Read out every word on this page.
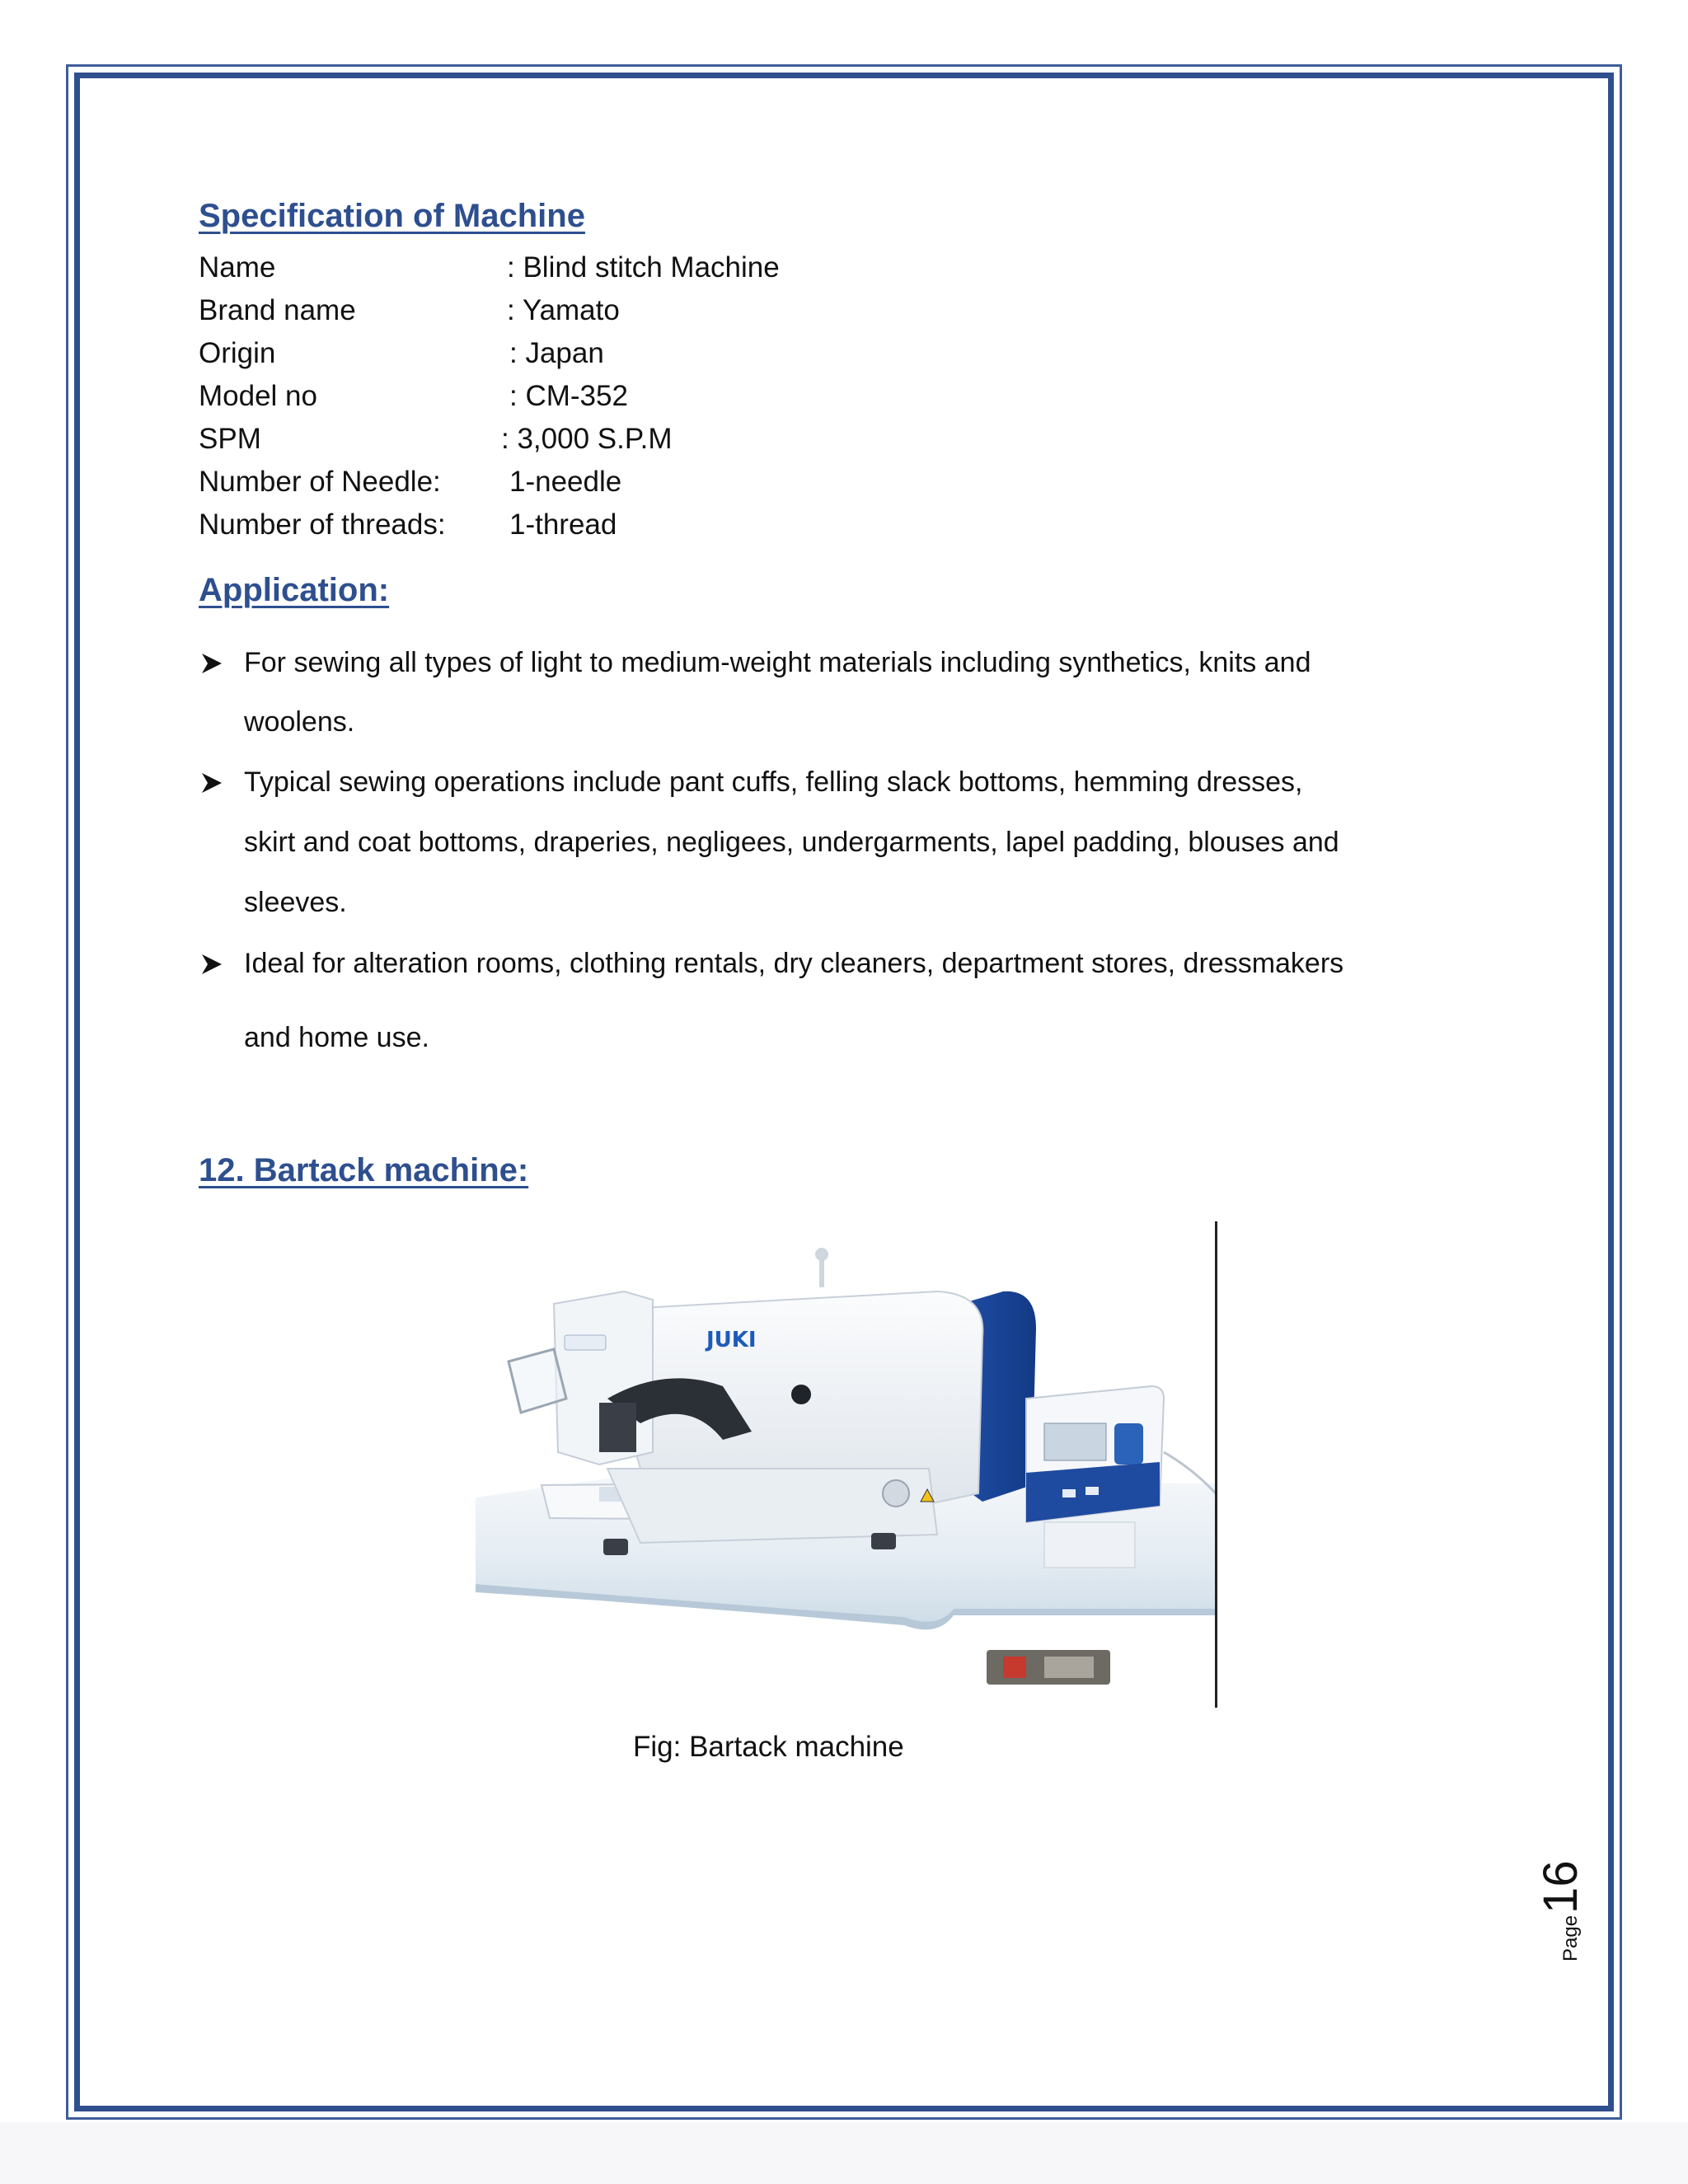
Specification of Machine
Name	: Blind stitch Machine
Brand name	: Yamato
Origin	: Japan
Model no	: CM-352
SPM	: 3,000 S.P.M
Number of Needle: 1-needle
Number of threads: 1-thread
Application:
For sewing all types of light to medium-weight materials including synthetics, knits and
woolens.
Typical sewing operations include pant cuffs, felling slack bottoms, hemming dresses,
skirt and coat bottoms, draperies, negligees, undergarments, lapel padding, blouses and
sleeves.
Ideal for alteration rooms, clothing rentals, dry cleaners, department stores, dressmakers
and home use.
12. Bartack machine:
JUKI
Fig: Bartack machine
Page16
